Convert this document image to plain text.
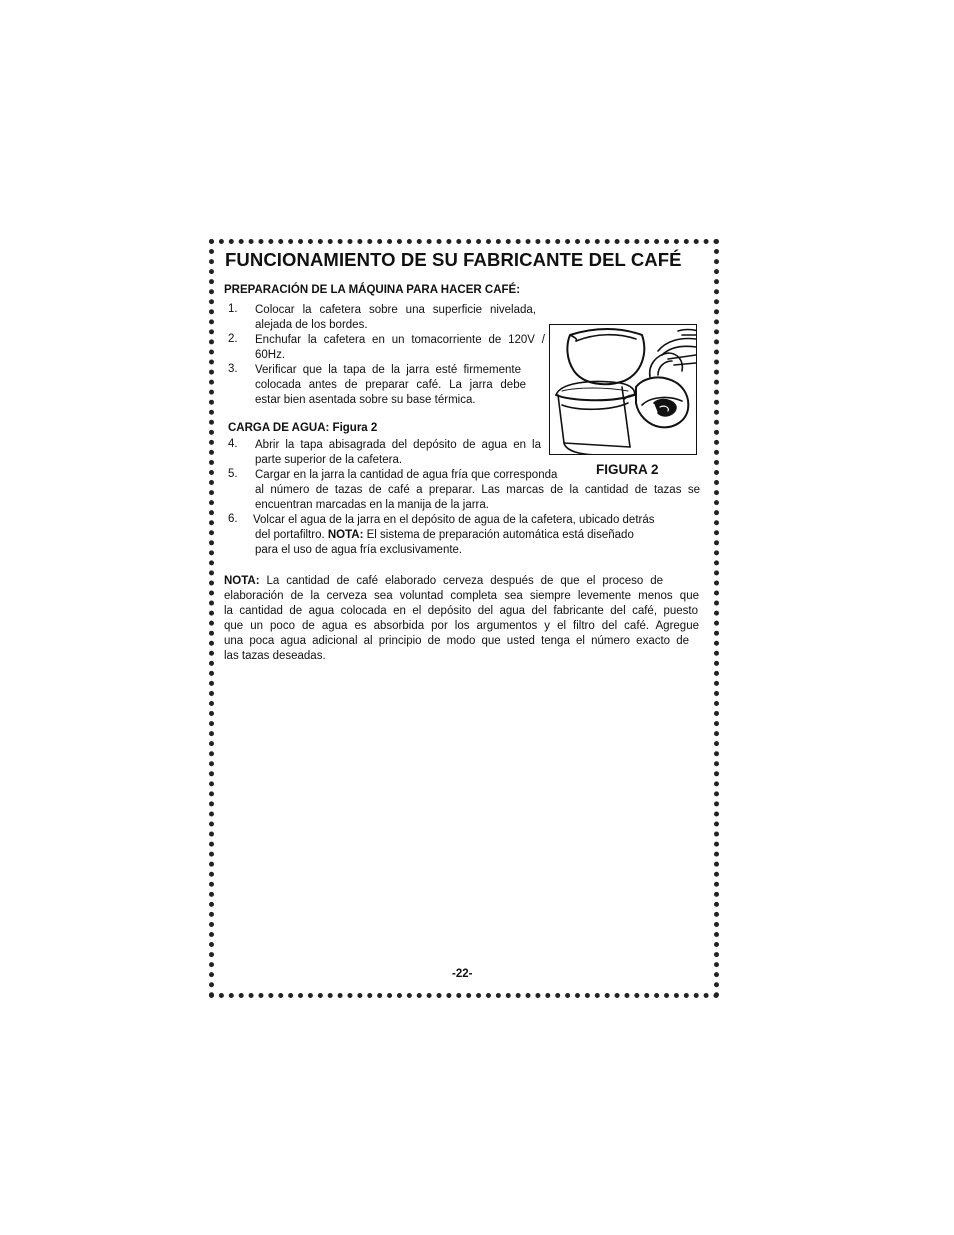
FUNCIONAMIENTO DE SU FABRICANTE DEL CAFÉ
PREPARACIÓN DE LA MÁQUINA PARA HACER CAFÉ:
1. Colocar la cafetera sobre una superficie nivelada,
alejada de los bordes.
2. Enchufar la cafetera en un tomacorriente de 120V /
60Hz.
3. Verificar que la tapa de la jarra esté firmemente
colocada antes de preparar café. La jarra debe
estar bien asentada sobre su base térmica.
CARGA DE AGUA: Figura 2
4. Abrir la tapa abisagrada del depósito de agua en la
parte superior de la cafetera.
5. Cargar en la jarra la cantidad de agua fría que corresponda
al número de tazas de café a preparar. Las marcas de la cantidad de tazas se
encuentran marcadas en la manija de la jarra.
6. Volcar el agua de la jarra en el depósito de agua de la cafetera, ubicado detrás
del portafiltro. NOTA: El sistema de preparación automática está diseñado
para el uso de agua fría exclusivamente.
FIGURA 2
NOTA: La cantidad de café elaborado cerveza después de que el proceso de
elaboración de la cerveza sea voluntad completa sea siempre levemente menos que
la cantidad de agua colocada en el depósito del agua del fabricante del café, puesto
que un poco de agua es absorbida por los argumentos y el filtro del café. Agregue
una poca agua adicional al principio de modo que usted tenga el número exacto de
las tazas deseadas.
-22-
